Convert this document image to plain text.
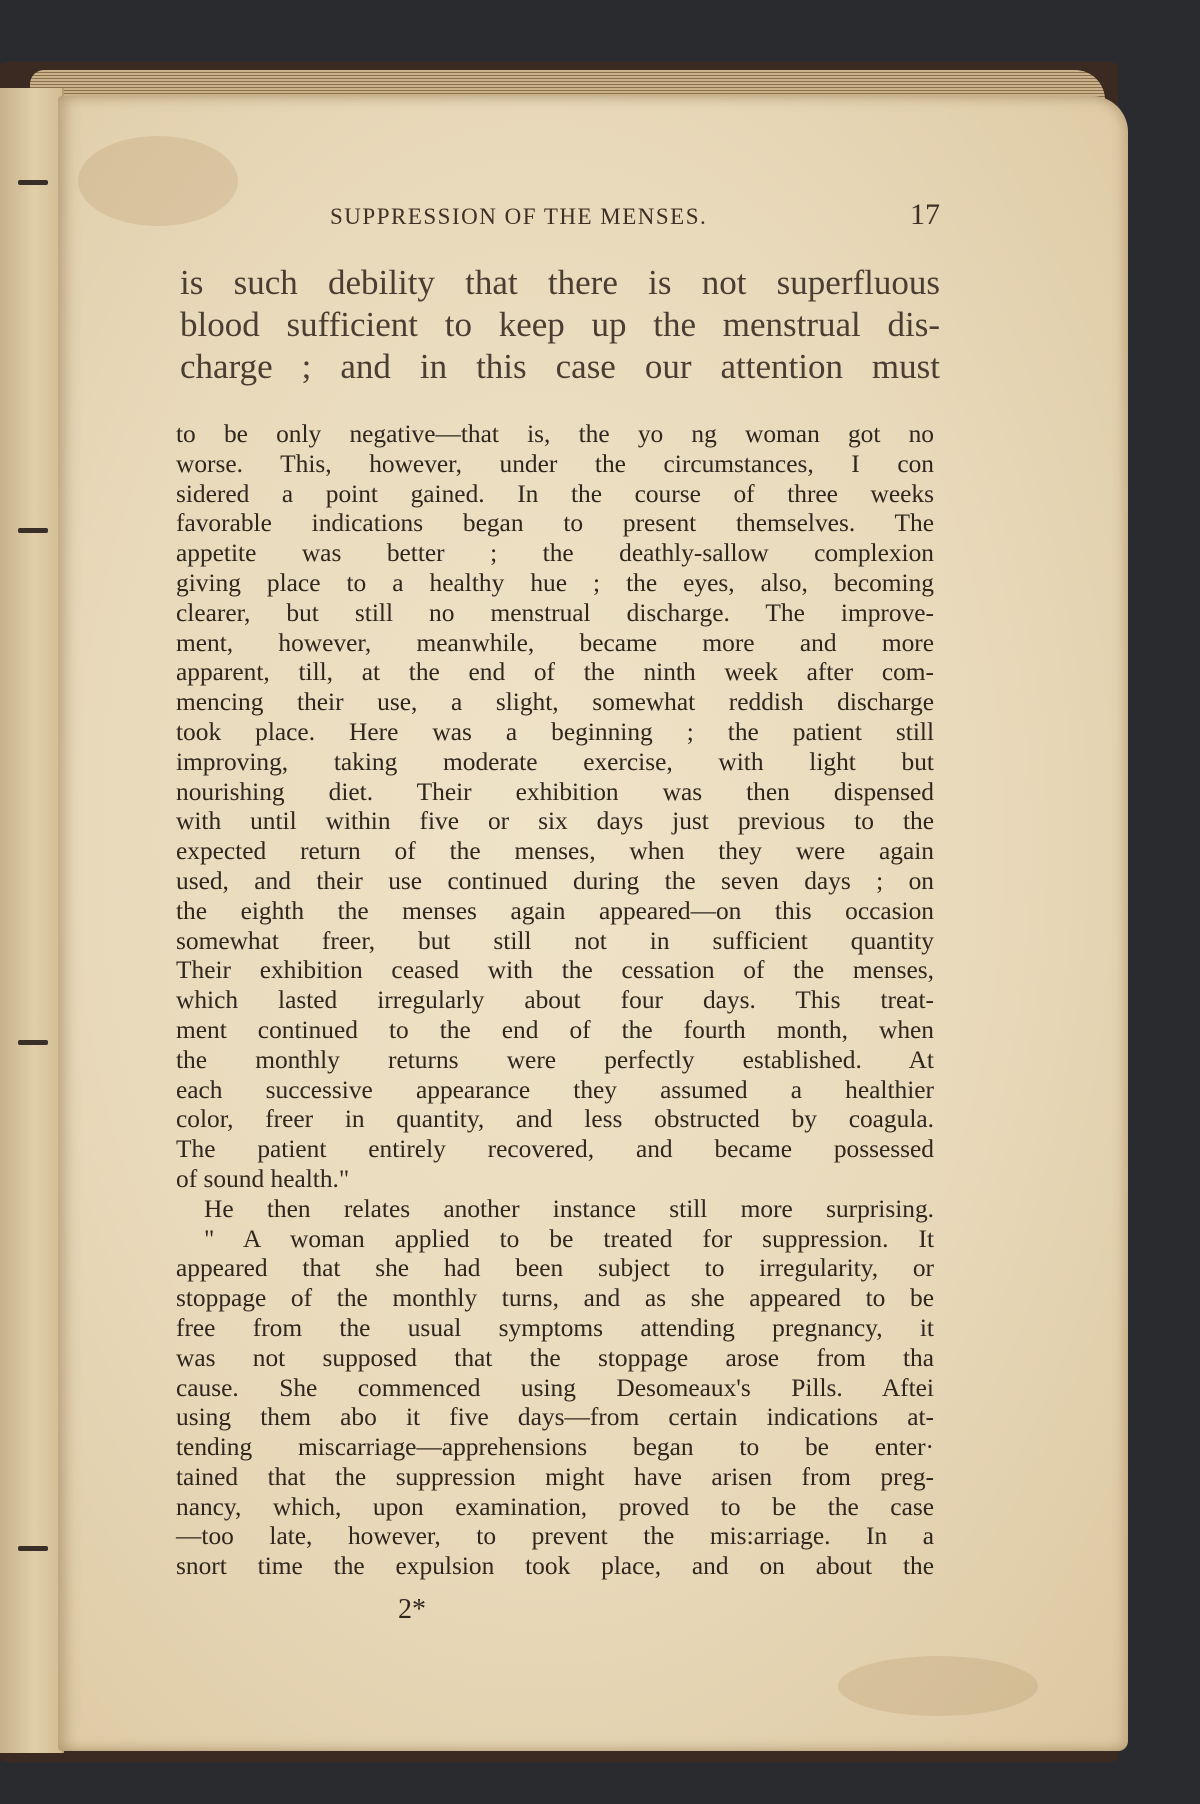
SUPPRESSION OF THE MENSES.	17
is such debility that there is not superfluous
blood sufficient to keep up the menstrual dis-
charge ; and in this case our attention must
to be only negative—that is, the yo ng woman got no
worse. This, however, under the circumstances, I con
sidered a point gained. In the course of three weeks
favorable indications began to present themselves. The
appetite was better ; the deathly-sallow complexion
giving place to a healthy hue ; the eyes, also, becoming
clearer, but still no menstrual discharge. The improve-
ment, however, meanwhile, became more and more
apparent, till, at the end of the ninth week after com-
mencing their use, a slight, somewhat reddish discharge
took place. Here was a beginning ; the patient still
improving, taking moderate exercise, with light but
nourishing diet. Their exhibition was then dispensed
with until within five or six days just previous to the
expected return of the menses, when they were again
used, and their use continued during the seven days ; on
the eighth the menses again appeared—on this occasion
somewhat freer, but still not in sufficient quantity
Their exhibition ceased with the cessation of the menses,
which lasted irregularly about four days. This treat-
ment continued to the end of the fourth month, when
the monthly returns were perfectly established. At
each successive appearance they assumed a healthier
color, freer in quantity, and less obstructed by coagula.
The patient entirely recovered, and became possessed
of sound health."
He then relates another instance still more surprising.
" A woman applied to be treated for suppression. It
appeared that she had been subject to irregularity, or
stoppage of the monthly turns, and as she appeared to be
free from the usual symptoms attending pregnancy, it
was not supposed that the stoppage arose from tha
cause. She commenced using Desomeaux's Pills. Aftei
using them abo it five days—from certain indications at-
tending miscarriage—apprehensions began to be enter·
tained that the suppression might have arisen from preg-
nancy, which, upon examination, proved to be the case
—too late, however, to prevent the mis:arriage. In a
snort time the expulsion took place, and on about the
2*
